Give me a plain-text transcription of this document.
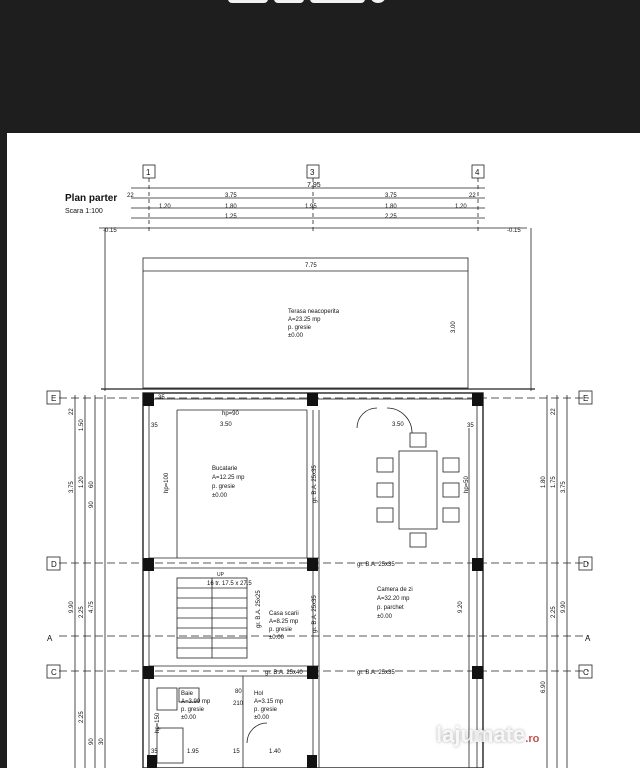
Plan parter
Scara 1:100
1	3	4
7.95
22	3.75	3.75	22
1.20	1.80	1.95	1.80	1.20
1.25	2.25
-0.15	-0.15
7.75
3.00
Terasa neacoperita
A=23.25 mp
p. gresie
±0.00
E	E
D	D
C	C
A	A
hp=90
3.50	3.50
35
35	35
hp=50
hp=100
Bucatarie
A=12.25 mp
p. gresie
±0.00	gr. B.A. 25x35
gr. B.A. 25x35
gr. B.A. 25x25
gr. B.A. 25x35
gr. B.A. 25x40	gr. B.A. 25x35
Camera de zi
A=32.20 mp
p. parchet
±0.00
9.20
16 tr. 17.5 x 27.5
UP
Casa scarii
A=8.25 mp
p. gresie
±0.00
Baie
A=3.90 mp
p. gresie
±0.00
80
210
Hol
A=3.15 mp
p. gresie
±0.00
hp=150
35	1.95	15	1.40
22
1.50
1.20
3.75 60
90
2.25 4.75
9.90
2.25
90 30
22
1.80 1.75 3.75
2.25 9.90
6.90
lajumate.ro
